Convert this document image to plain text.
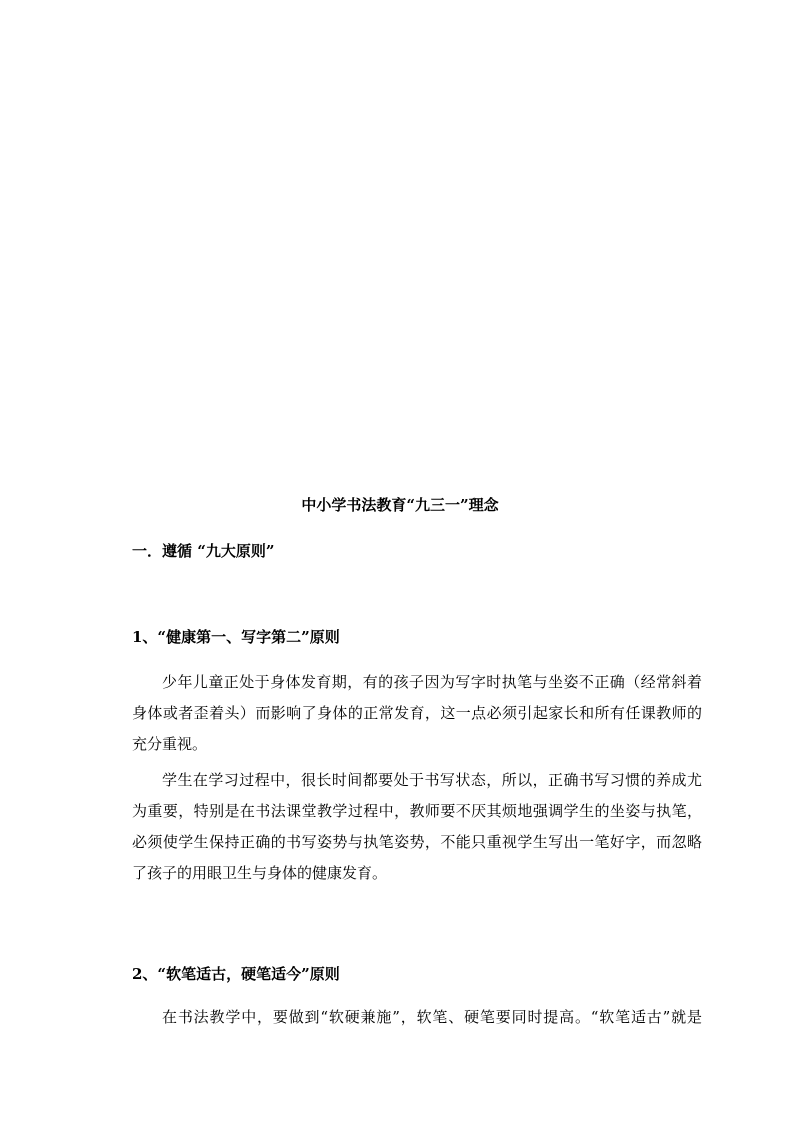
中小学书法教育“九三一”理念
一．遵循 “九大原则”
1、“健康第一、写字第二”原则

少年儿童正处于身体发育期，有的孩子因为写字时执笔与坐姿不正确（经常斜着
身体或者歪着头）而影响了身体的正常发育，这一点必须引起家长和所有任课教师的
充分重视。

学生在学习过程中，很长时间都要处于书写状态，所以，正确书写习惯的养成尤
为重要，特别是在书法课堂教学过程中，教师要不厌其烦地强调学生的坐姿与执笔，
必须使学生保持正确的书写姿势与执笔姿势，不能只重视学生写出一笔好字，而忽略
了孩子的用眼卫生与身体的健康发育。

2、“软笔适古，硬笔适今”原则

在书法教学中，要做到“软硬兼施”，软笔、硬笔要同时提高。“软笔适古”就是
